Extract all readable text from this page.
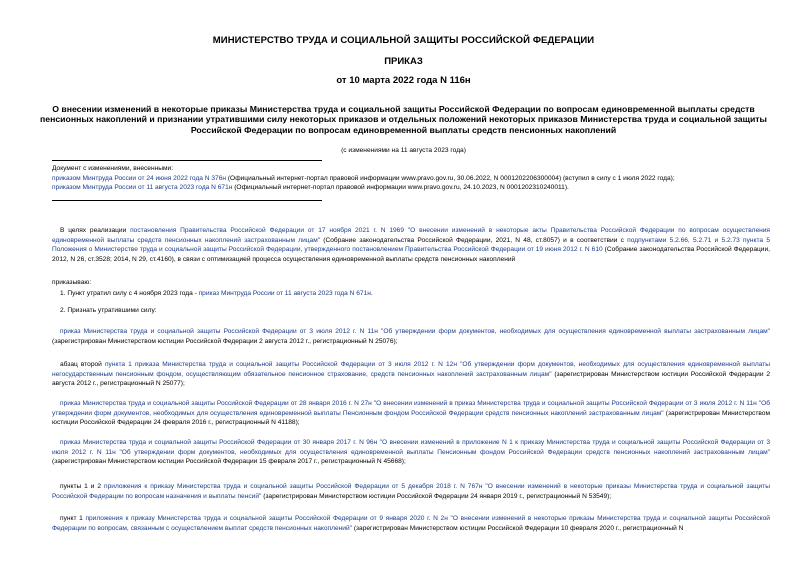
МИНИСТЕРСТВО ТРУДА И СОЦИАЛЬНОЙ ЗАЩИТЫ РОССИЙСКОЙ ФЕДЕРАЦИИ
ПРИКАЗ
от 10 марта 2022 года N 116н
О внесении изменений в некоторые приказы Министерства труда и социальной защиты Российской Федерации по вопросам единовременной выплаты средств пенсионных накоплений и признании утратившими силу некоторых приказов и отдельных положений некоторых приказов Министерства труда и социальной защиты Российской Федерации по вопросам единовременной выплаты средств пенсионных накоплений
(с изменениями на 11 августа 2023 года)
Документ с изменениями, внесенными:
приказом Минтруда России от 24 июня 2022 года N 376н (Официальный интернет-портал правовой информации www.pravo.gov.ru, 30.06.2022, N 0001202206300004) (вступил в силу с 1 июля 2022 года);
приказом Минтруда России от 11 августа 2023 года N 671н (Официальный интернет-портал правовой информации www.pravo.gov.ru, 24.10.2023, N 0001202310240011).
В целях реализации постановления Правительства Российской Федерации от 17 ноября 2021 г. N 1969 "О внесении изменений в некоторые акты Правительства Российской Федерации по вопросам осуществления единовременной выплаты средств пенсионных накоплений застрахованным лицам" (Собрание законодательства Российской Федерации, 2021, N 48, ст.8057) и в соответствии с подпунктами 5.2.66, 5.2.71 и 5.2.73 пункта 5 Положения о Министерстве труда и социальной защиты Российской Федерации, утвержденного постановлением Правительства Российской Федерации от 19 июня 2012 г. N 610 (Собрание законодательства Российской Федерации, 2012, N 26, ст.3528; 2014, N 29, ст.4160), в связи с оптимизацией процесса осуществления единовременной выплаты средств пенсионных накоплений
приказываю:
1. Пункт утратил силу с 4 ноября 2023 года - приказ Минтруда России от 11 августа 2023 года N 671н.
2. Признать утратившими силу:
приказ Министерства труда и социальной защиты Российской Федерации от 3 июля 2012 г. N 11н "Об утверждении форм документов, необходимых для осуществления единовременной выплаты застрахованным лицам" (зарегистрирован Министерством юстиции Российской Федерации 2 августа 2012 г., регистрационный N 25076);
абзац второй пункта 1 приказа Министерства труда и социальной защиты Российской Федерации от 3 июля 2012 г. N 12н "Об утверждении форм документов, необходимых для осуществления единовременной выплаты негосударственным пенсионным фондом, осуществляющим обязательное пенсионное страхование, средств пенсионных накоплений застрахованным лицам" (зарегистрирован Министерством юстиции Российской Федерации 2 августа 2012 г., регистрационный N 25077);
приказ Министерства труда и социальной защиты Российской Федерации от 28 января 2016 г. N 27н "О внесении изменений в приказ Министерства труда и социальной защиты Российской Федерации от 3 июля 2012 г. N 11н "Об утверждении форм документов, необходимых для осуществления единовременной выплаты Пенсионным фондом Российской Федерации средств пенсионных накоплений застрахованным лицам" (зарегистрирован Министерством юстиции Российской Федерации 24 февраля 2016 г., регистрационный N 41188);
приказ Министерства труда и социальной защиты Российской Федерации от 30 января 2017 г. N 96н "О внесении изменений в приложение N 1 к приказу Министерства труда и социальной защиты Российской Федерации от 3 июля 2012 г. N 11н "Об утверждении форм документов, необходимых для осуществления единовременной выплаты Пенсионным фондом Российской Федерации средств пенсионных накоплений застрахованным лицам" (зарегистрирован Министерством юстиции Российской Федерации 15 февраля 2017 г., регистрационный N 45668);
пункты 1 и 2 приложения к приказу Министерства труда и социальной защиты Российской Федерации от 5 декабря 2018 г. N 767н "О внесении изменений в некоторые приказы Министерства труда и социальной защиты Российской Федерации по вопросам назначения и выплаты пенсий" (зарегистрирован Министерством юстиции Российской Федерации 24 января 2019 г., регистрационный N 53549);
пункт 1 приложения к приказу Министерства труда и социальной защиты Российской Федерации от 9 января 2020 г. N 2н "О внесении изменений в некоторые приказы Министерства труда и социальной защиты Российской Федерации по вопросам, связанным с осуществлением выплат средств пенсионных накоплений" (зарегистрирован Министерством юстиции Российской Федерации 10 февраля 2020 г., регистрационный N
